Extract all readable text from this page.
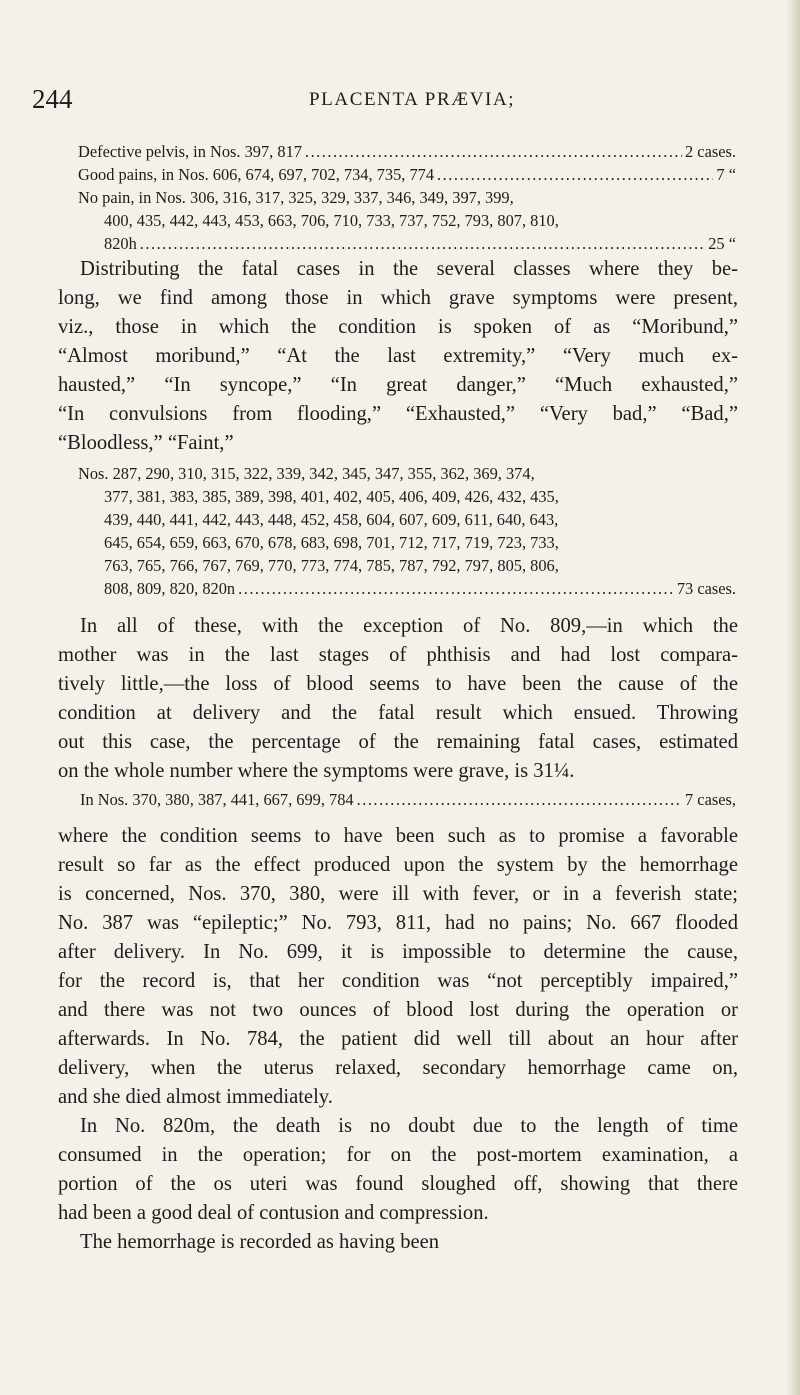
244	PLACENTA PRÆVIA;
Defective pelvis, in Nos. 397, 817 .....	2 cases.
Good pains, in Nos. 606, 674, 697, 702, 734, 735, 774 .....	7 “
No pain, in Nos. 306, 316, 317, 325, 329, 337, 346, 349, 397, 399,
400, 435, 442, 443, 453, 663, 706, 710, 733, 737, 752, 793, 807, 810,
820h .....	25 “
Distributing the fatal cases in the several classes where they be-
long, we find among those in which grave symptoms were present,
viz., those in which the condition is spoken of as “Moribund,”
“Almost moribund,” “At the last extremity,” “Very much ex-
hausted,” “In syncope,” “In great danger,” “Much exhausted,”
“In convulsions from flooding,” “Exhausted,” “Very bad,” “Bad,”
“Bloodless,” “Faint,”
Nos. 287, 290, 310, 315, 322, 339, 342, 345, 347, 355, 362, 369, 374,
377, 381, 383, 385, 389, 398, 401, 402, 405, 406, 409, 426, 432, 435,
439, 440, 441, 442, 443, 448, 452, 458, 604, 607, 609, 611, 640, 643,
645, 654, 659, 663, 670, 678, 683, 698, 701, 712, 717, 719, 723, 733,
763, 765, 766, 767, 769, 770, 773, 774, 785, 787, 792, 797, 805, 806,
808, 809, 820, 820n .....	73 cases.
In all of these, with the exception of No. 809,—in which the
mother was in the last stages of phthisis and had lost compara-
tively little,—the loss of blood seems to have been the cause of the
condition at delivery and the fatal result which ensued. Throwing
out this case, the percentage of the remaining fatal cases, estimated
on the whole number where the symptoms were grave, is 31¼.
In Nos. 370, 380, 387, 441, 667, 699, 784 .....	7 cases,
where the condition seems to have been such as to promise a favorable
result so far as the effect produced upon the system by the hemorrhage
is concerned, Nos. 370, 380, were ill with fever, or in a feverish state;
No. 387 was “epileptic;” No. 793, 811, had no pains; No. 667 flooded
after delivery. In No. 699, it is impossible to determine the cause,
for the record is, that her condition was “not perceptibly impaired,”
and there was not two ounces of blood lost during the operation or
afterwards. In No. 784, the patient did well till about an hour after
delivery, when the uterus relaxed, secondary hemorrhage came on,
and she died almost immediately.
In No. 820m, the death is no doubt due to the length of time
consumed in the operation; for on the post-mortem examination, a
portion of the os uteri was found sloughed off, showing that there
had been a good deal of contusion and compression.
The hemorrhage is recorded as having been
